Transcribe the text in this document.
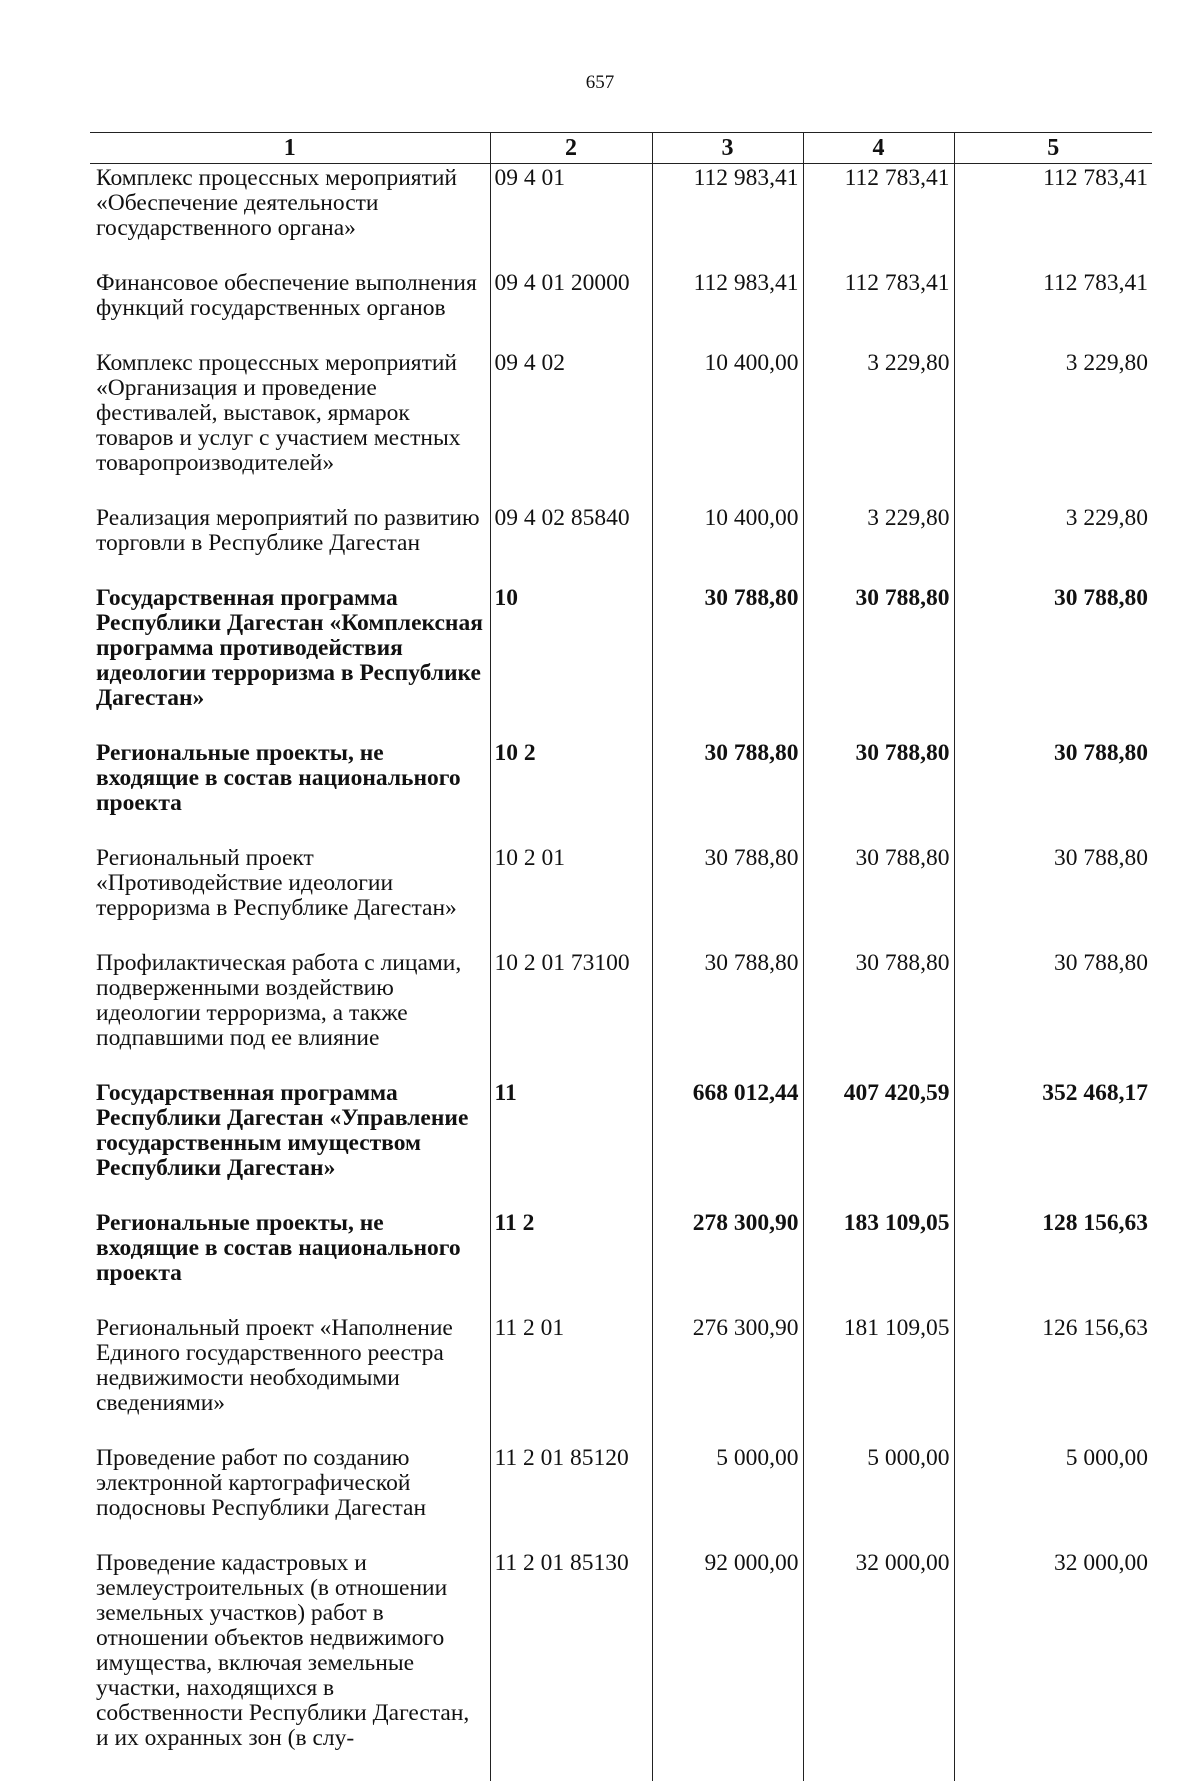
657
1	2	3	4	5
Комплекс процессных мероприятий «Обеспечение деятельности государственного органа»	09 4 01	112 983,41	112 783,41	112 783,41
Финансовое обеспечение выполнения функций государственных органов	09 4 01 20000	112 983,41	112 783,41	112 783,41
Комплекс процессных мероприятий «Организация и проведение фестивалей, выставок, ярмарок товаров и услуг с участием местных товаропроизводителей»	09 4 02	10 400,00	3 229,80	3 229,80
Реализация мероприятий по развитию торговли в Республике Дагестан	09 4 02 85840	10 400,00	3 229,80	3 229,80
Государственная программа Республики Дагестан «Комплексная программа противодействия идеологии терроризма в Республике Дагестан»	10	30 788,80	30 788,80	30 788,80
Региональные проекты, не входящие в состав национального проекта	10 2	30 788,80	30 788,80	30 788,80
Региональный проект «Противодействие идеологии терроризма в Республике Дагестан»	10 2 01	30 788,80	30 788,80	30 788,80
Профилактическая работа с лицами, подверженными воздействию идеологии терроризма, а также подпавшими под ее влияние	10 2 01 73100	30 788,80	30 788,80	30 788,80
Государственная программа Республики Дагестан «Управление государственным имуществом Республики Дагестан»	11	668 012,44	407 420,59	352 468,17
Региональные проекты, не входящие в состав национального проекта	11 2	278 300,90	183 109,05	128 156,63
Региональный проект «Наполнение Единого государственного реестра недвижимости необходимыми сведениями»	11 2 01	276 300,90	181 109,05	126 156,63
Проведение работ по созданию электронной картографической подосновы Республики Дагестан	11 2 01 85120	5 000,00	5 000,00	5 000,00
Проведение кадастровых и землеустроительных (в отношении земельных участков) работ в отношении объектов недвижимого имущества, включая земельные участки, находящихся в собственности Республики Дагестан, и их охранных зон (в слу-	11 2 01 85130	92 000,00	32 000,00	32 000,00
